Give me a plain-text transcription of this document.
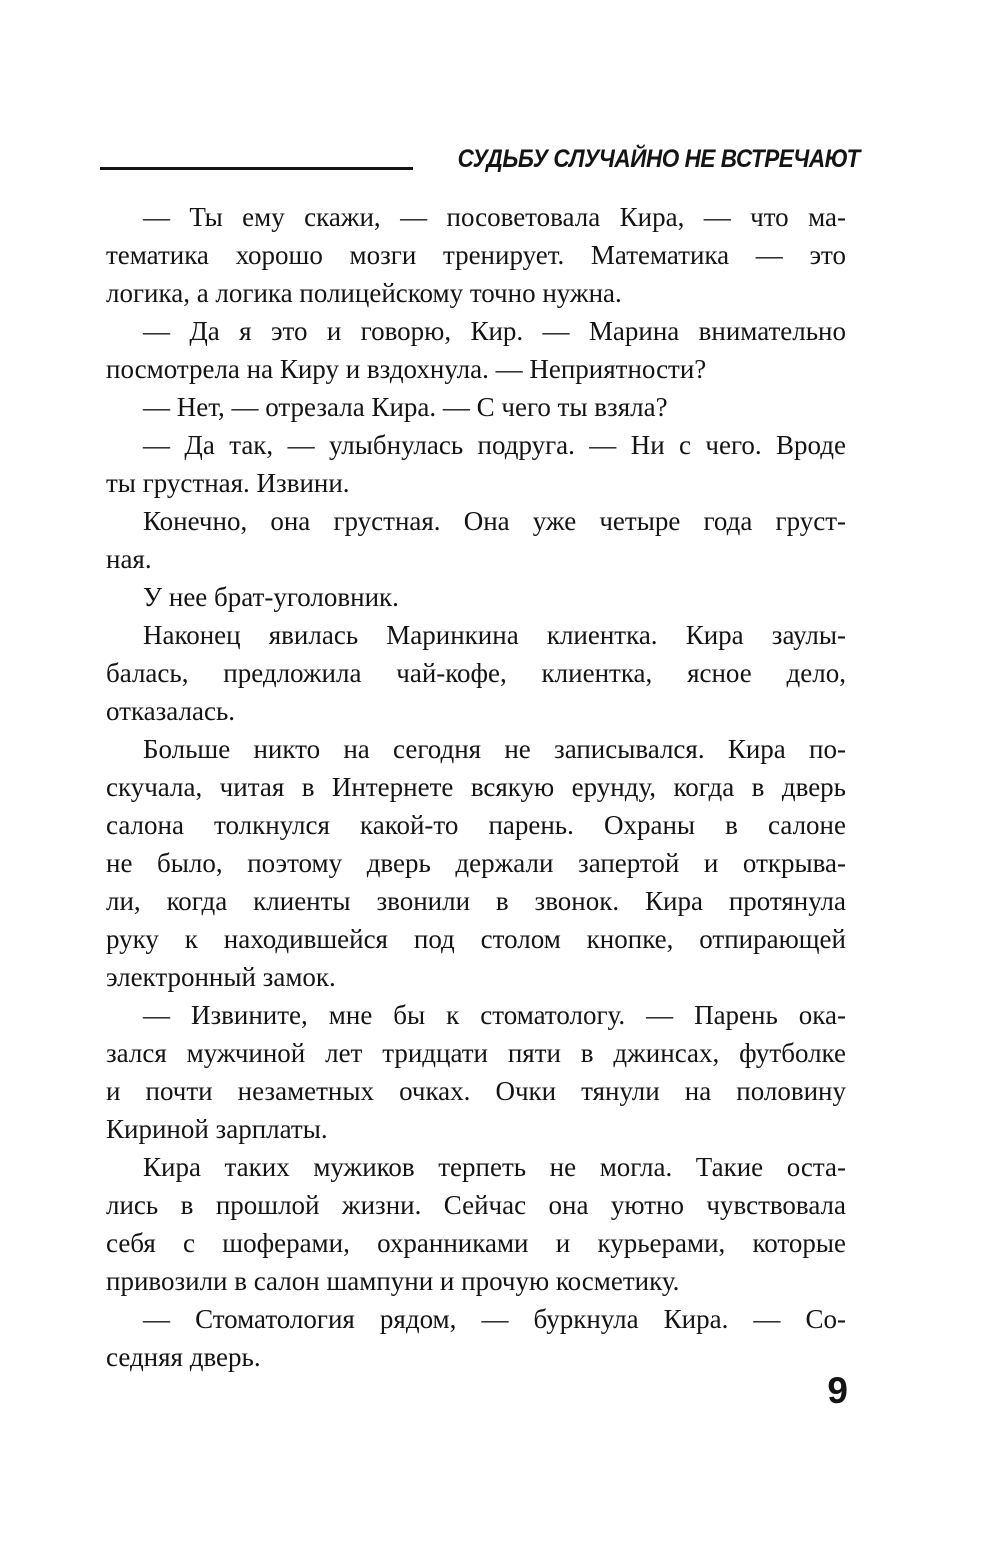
СУДЬБУ СЛУЧАЙНО НЕ ВСТРЕЧАЮТ

— Ты ему скажи, — посоветовала Кира, — что ма-
тематика хорошо мозги тренирует. Математика — это
логика, а логика полицейскому точно нужна.

— Да я это и говорю, Кир. — Марина внимательно
посмотрела на Киру и вздохнула. — Неприятности?

— Нет, — отрезала Кира. — С чего ты взяла?

— Да так, — улыбнулась подруга. — Ни с чего. Вроде
ты грустная. Извини.

Конечно, она грустная. Она уже четыре года груст-
ная.

У нее брат-уголовник.

Наконец явилась Маринкина клиентка. Кира заулы-
балась, предложила чай-кофе, клиентка, ясное дело,
отказалась.

Больше никто на сегодня не записывался. Кира по-
скучала, читая в Интернете всякую ерунду, когда в дверь
салона толкнулся какой-то парень. Охраны в салоне
не было, поэтому дверь держали запертой и открыва-
ли, когда клиенты звонили в звонок. Кира протянула
руку к находившейся под столом кнопке, отпирающей
электронный замок.

— Извините, мне бы к стоматологу. — Парень ока-
зался мужчиной лет тридцати пяти в джинсах, футболке
и почти незаметных очках. Очки тянули на половину
Кириной зарплаты.

Кира таких мужиков терпеть не могла. Такие оста-
лись в прошлой жизни. Сейчас она уютно чувствовала
себя с шоферами, охранниками и курьерами, которые
привозили в салон шампуни и прочую косметику.

— Стоматология рядом, — буркнула Кира. — Со-
седняя дверь.

9
